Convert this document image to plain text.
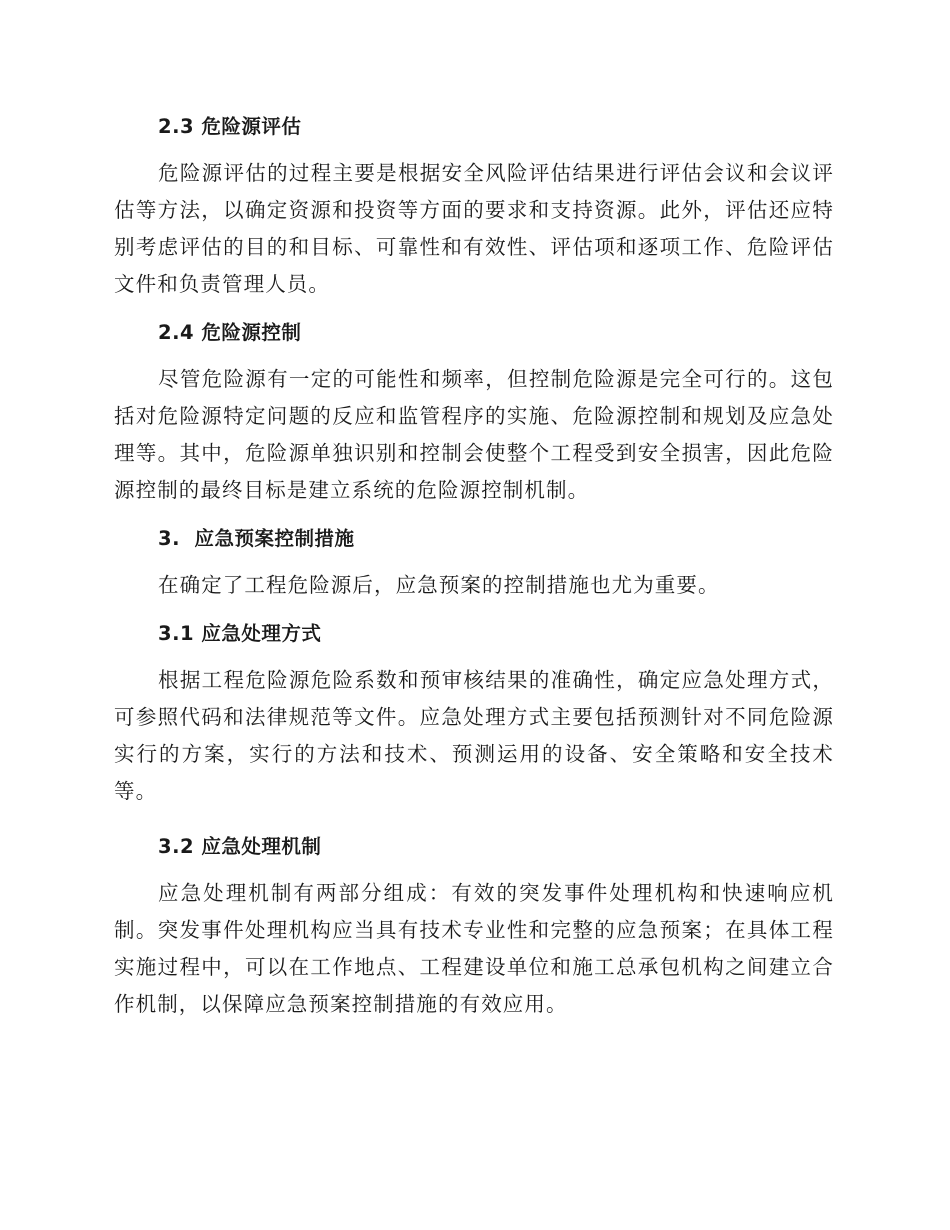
2.3 危险源评估

危险源评估的过程主要是根据安全风险评估结果进行评估会议和会议评估等方法，以确定资源和投资等方面的要求和支持资源。此外，评估还应特别考虑评估的目的和目标、可靠性和有效性、评估项和逐项工作、危险评估文件和负责管理人员。

2.4 危险源控制

尽管危险源有一定的可能性和频率，但控制危险源是完全可行的。这包括对危险源特定问题的反应和监管程序的实施、危险源控制和规划及应急处理等。其中，危险源单独识别和控制会使整个工程受到安全损害，因此危险源控制的最终目标是建立系统的危险源控制机制。

3.  应急预案控制措施

在确定了工程危险源后，应急预案的控制措施也尤为重要。

3.1 应急处理方式

根据工程危险源危险系数和预审核结果的准确性，确定应急处理方式，可参照代码和法律规范等文件。应急处理方式主要包括预测针对不同危险源实行的方案，实行的方法和技术、预测运用的设备、安全策略和安全技术等。

3.2 应急处理机制

应急处理机制有两部分组成：有效的突发事件处理机构和快速响应机制。突发事件处理机构应当具有技术专业性和完整的应急预案；在具体工程实施过程中，可以在工作地点、工程建设单位和施工总承包机构之间建立合作机制，以保障应急预案控制措施的有效应用。
